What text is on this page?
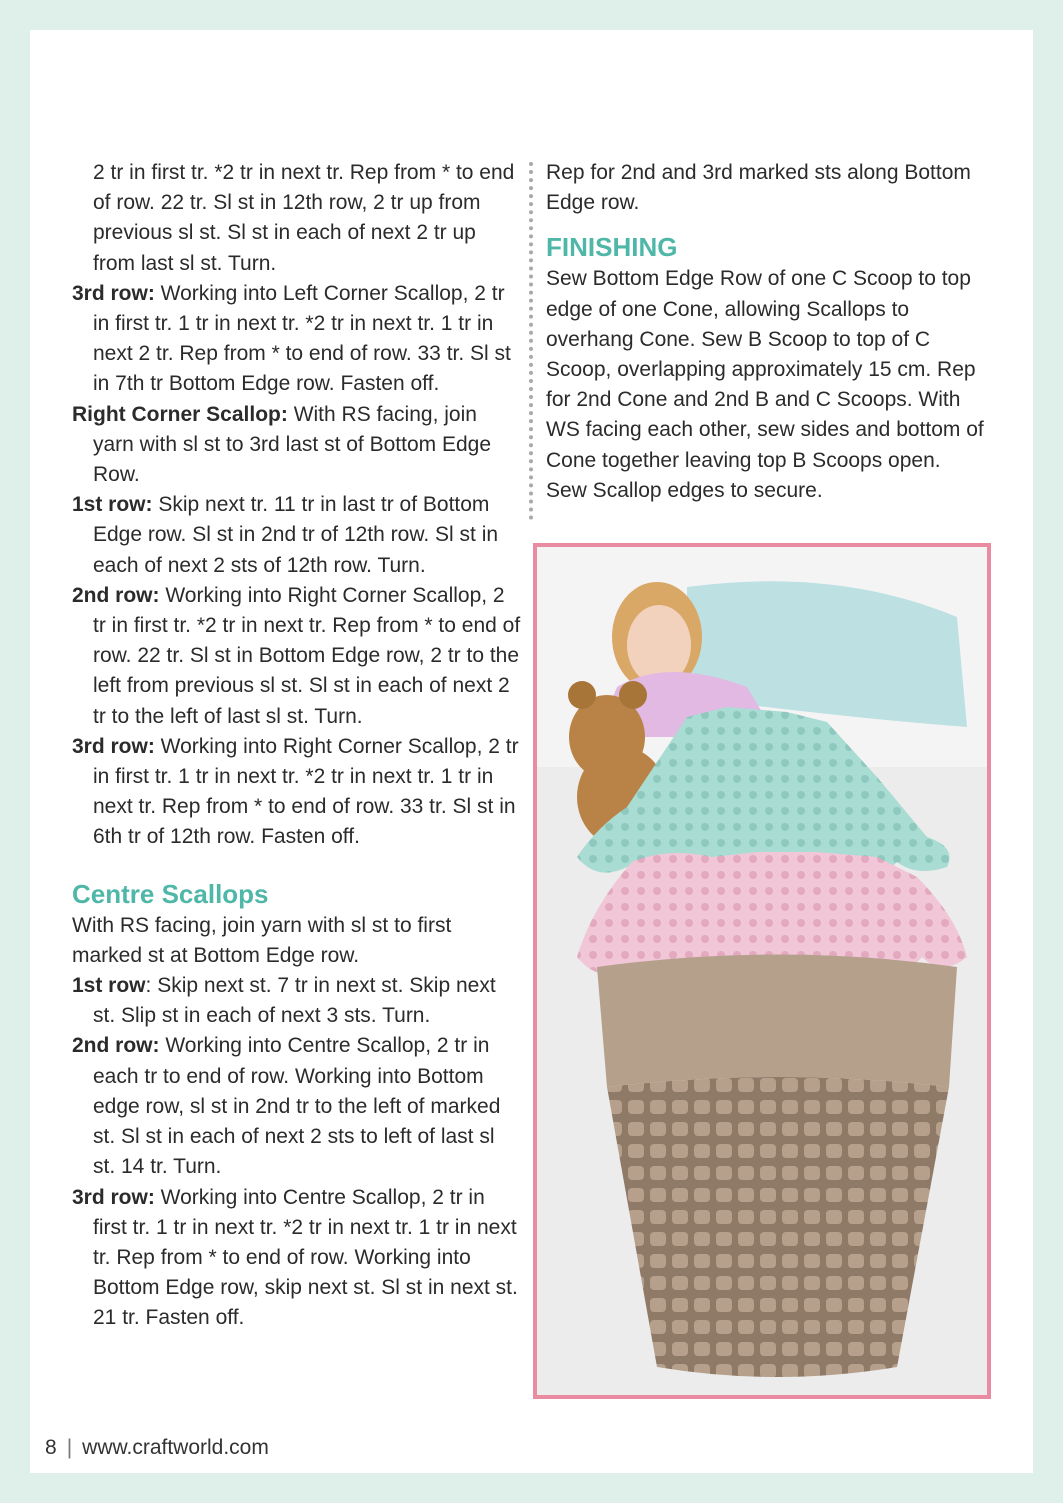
2 tr in first tr. *2 tr in next tr. Rep from * to end of row. 22 tr. Sl st in 12th row, 2 tr up from previous sl st. Sl st in each of next 2 tr up from last sl st. Turn.

3rd row: Working into Left Corner Scallop, 2 tr in first tr. 1 tr in next tr. *2 tr in next tr. 1 tr in next 2 tr. Rep from * to end of row. 33 tr. Sl st in 7th tr Bottom Edge row. Fasten off.

Right Corner Scallop: With RS facing, join yarn with sl st to 3rd last st of Bottom Edge Row.

1st row: Skip next tr. 11 tr in last tr of Bottom Edge row. Sl st in 2nd tr of 12th row. Sl st in each of next 2 sts of 12th row. Turn.

2nd row: Working into Right Corner Scallop, 2 tr in first tr. *2 tr in next tr. Rep from * to end of row. 22 tr. Sl st in Bottom Edge row, 2 tr to the left from previous sl st. Sl st in each of next 2 tr to the left of last sl st. Turn.

3rd row: Working into Right Corner Scallop, 2 tr in first tr. 1 tr in next tr. *2 tr in next tr. 1 tr in next tr. Rep from * to end of row. 33 tr. Sl st in 6th tr of 12th row. Fasten off.

Centre Scallops

With RS facing, join yarn with sl st to first marked st at Bottom Edge row.

1st row: Skip next st. 7 tr in next st. Skip next st. Slip st in each of next 3 sts. Turn.

2nd row: Working into Centre Scallop, 2 tr in each tr to end of row. Working into Bottom edge row, sl st in 2nd tr to the left of marked st. Sl st in each of next 2 sts to left of last sl st. 14 tr. Turn.

3rd row: Working into Centre Scallop, 2 tr in first tr. 1 tr in next tr. *2 tr in next tr. 1 tr in next tr. Rep from * to end of row. Working into Bottom Edge row, skip next st. Sl st in next st. 21 tr. Fasten off.

Rep for 2nd and 3rd marked sts along Bottom Edge row.

FINISHING

Sew Bottom Edge Row of one C Scoop to top edge of one Cone, allowing Scallops to overhang Cone. Sew B Scoop to top of C Scoop, overlapping approximately 15 cm. Rep for 2nd Cone and 2nd B and C Scoops. With WS facing each other, sew sides and bottom of Cone together leaving top B Scoops open. Sew Scallop edges to secure.

8 | www.craftworld.com
